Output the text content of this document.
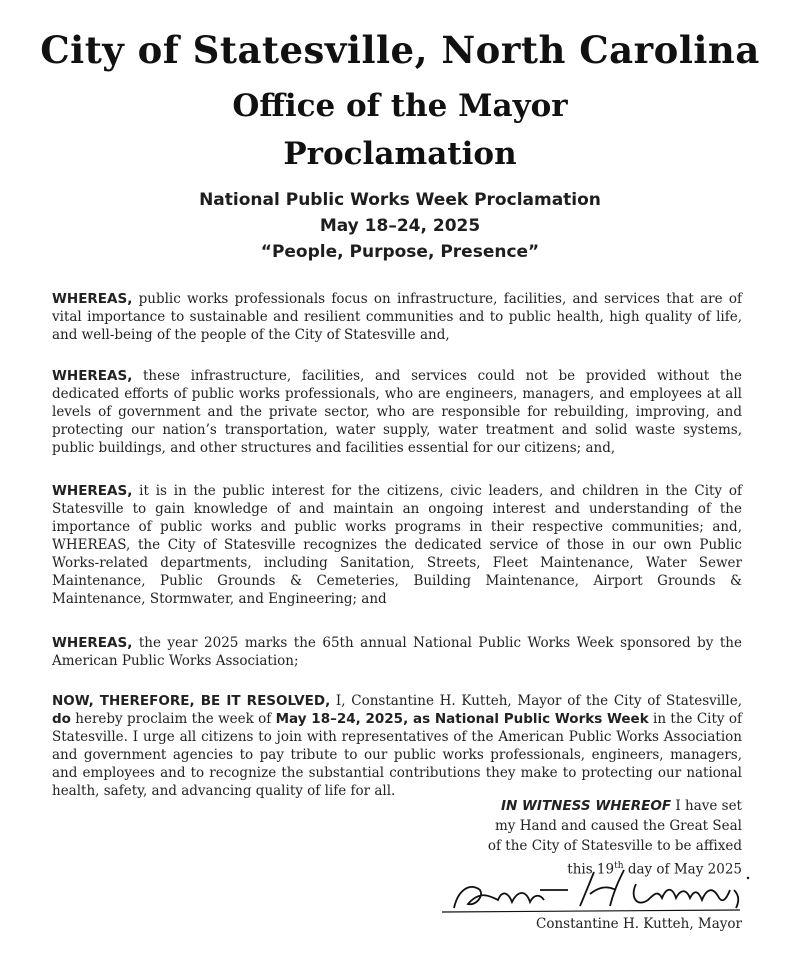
City of Statesville, North Carolina
Office of the Mayor
Proclamation
National Public Works Week Proclamation
May 18–24, 2025
“People, Purpose, Presence”
WHEREAS, public works professionals focus on infrastructure, facilities, and services that are of vital importance to sustainable and resilient communities and to public health, high quality of life, and well-being of the people of the City of Statesville and,
WHEREAS, these infrastructure, facilities, and services could not be provided without the dedicated efforts of public works professionals, who are engineers, managers, and employees at all levels of government and the private sector, who are responsible for rebuilding, improving, and protecting our nation’s transportation, water supply, water treatment and solid waste systems, public buildings, and other structures and facilities essential for our citizens; and,
WHEREAS, it is in the public interest for the citizens, civic leaders, and children in the City of Statesville to gain knowledge of and maintain an ongoing interest and understanding of the importance of public works and public works programs in their respective communities; and, WHEREAS, the City of Statesville recognizes the dedicated service of those in our own Public Works-related departments, including Sanitation, Streets, Fleet Maintenance, Water Sewer Maintenance, Public Grounds & Cemeteries, Building Maintenance, Airport Grounds & Maintenance, Stormwater, and Engineering; and
WHEREAS, the year 2025 marks the 65th annual National Public Works Week sponsored by the American Public Works Association;
NOW, THEREFORE, BE IT RESOLVED, I, Constantine H. Kutteh, Mayor of the City of Statesville, do hereby proclaim the week of May 18–24, 2025, as National Public Works Week in the City of Statesville. I urge all citizens to join with representatives of the American Public Works Association and government agencies to pay tribute to our public works professionals, engineers, managers, and employees and to recognize the substantial contributions they make to protecting our national health, safety, and advancing quality of life for all.
IN WITNESS WHEREOF I have set
my Hand and caused the Great Seal
of the City of Statesville to be affixed
this 19th day of May 2025
Constantine H. Kutteh, Mayor
